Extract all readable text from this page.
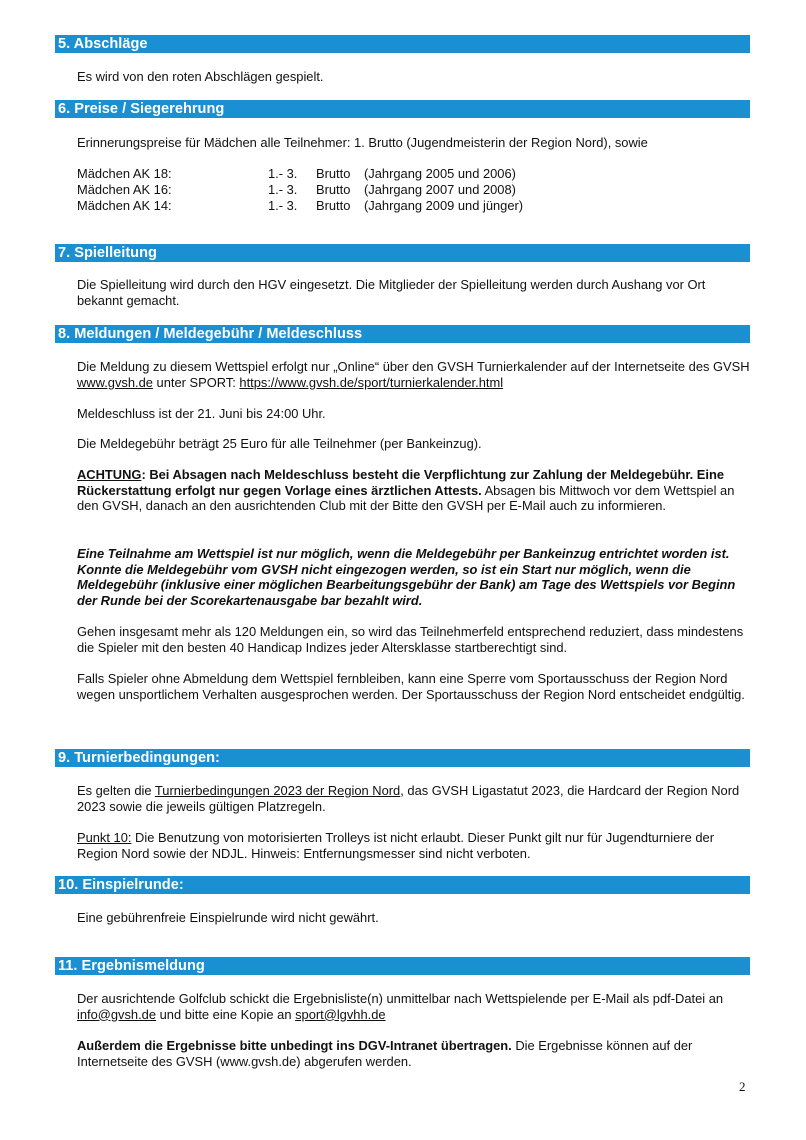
5. Abschläge
Es wird von den roten Abschlägen gespielt.
6. Preise / Siegerehrung
Erinnerungspreise für Mädchen alle Teilnehmer: 1. Brutto (Jugendmeisterin der Region Nord), sowie
Mädchen AK 18:	1.- 3. Brutto (Jahrgang 2005 und 2006)
Mädchen AK 16:	1.- 3. Brutto (Jahrgang 2007 und 2008)
Mädchen AK 14:	1.- 3. Brutto (Jahrgang 2009 und jünger)
7. Spielleitung
Die Spielleitung wird durch den HGV eingesetzt. Die Mitglieder der Spielleitung werden durch Aushang vor Ort bekannt gemacht.
8. Meldungen / Meldegebühr / Meldeschluss
Die Meldung zu diesem Wettspiel erfolgt nur „Online“ über den GVSH Turnierkalender auf der Internetseite des GVSH www.gvsh.de unter SPORT: https://www.gvsh.de/sport/turnierkalender.html
Meldeschluss ist der 21. Juni bis 24:00 Uhr.
Die Meldegebühr beträgt 25 Euro für alle Teilnehmer (per Bankeinzug).
ACHTUNG: Bei Absagen nach Meldeschluss besteht die Verpflichtung zur Zahlung der Meldegebühr. Eine Rückerstattung erfolgt nur gegen Vorlage eines ärztlichen Attests. Absagen bis Mittwoch vor dem Wettspiel an den GVSH, danach an den ausrichtenden Club mit der Bitte den GVSH per E-Mail auch zu informieren.
Eine Teilnahme am Wettspiel ist nur möglich, wenn die Meldegebühr per Bankeinzug entrichtet worden ist. Konnte die Meldegebühr vom GVSH nicht eingezogen werden, so ist ein Start nur möglich, wenn die Meldegebühr (inklusive einer möglichen Bearbeitungsgebühr der Bank) am Tage des Wettspiels vor Beginn der Runde bei der Scorekartenausgabe bar bezahlt wird.
Gehen insgesamt mehr als 120 Meldungen ein, so wird das Teilnehmerfeld entsprechend reduziert, dass mindestens die Spieler mit den besten 40 Handicap Indizes jeder Altersklasse startberechtigt sind.
Falls Spieler ohne Abmeldung dem Wettspiel fernbleiben, kann eine Sperre vom Sportausschuss der Region Nord wegen unsportlichem Verhalten ausgesprochen werden. Der Sportausschuss der Region Nord entscheidet endgültig.
9. Turnierbedingungen:
Es gelten die Turnierbedingungen 2023 der Region Nord, das GVSH Ligastatut 2023, die Hardcard der Region Nord 2023 sowie die jeweils gültigen Platzregeln.
Punkt 10: Die Benutzung von motorisierten Trolleys ist nicht erlaubt. Dieser Punkt gilt nur für Jugendturniere der Region Nord sowie der NDJL. Hinweis: Entfernungsmesser sind nicht verboten.
10. Einspielrunde:
Eine gebührenfreie Einspielrunde wird nicht gewährt.
11. Ergebnismeldung
Der ausrichtende Golfclub schickt die Ergebnisliste(n) unmittelbar nach Wettspielende per E-Mail als pdf-Datei an info@gvsh.de und bitte eine Kopie an sport@lgvhh.de
Außerdem die Ergebnisse bitte unbedingt ins DGV-Intranet übertragen. Die Ergebnisse können auf der Internetseite des GVSH (www.gvsh.de) abgerufen werden.
2
